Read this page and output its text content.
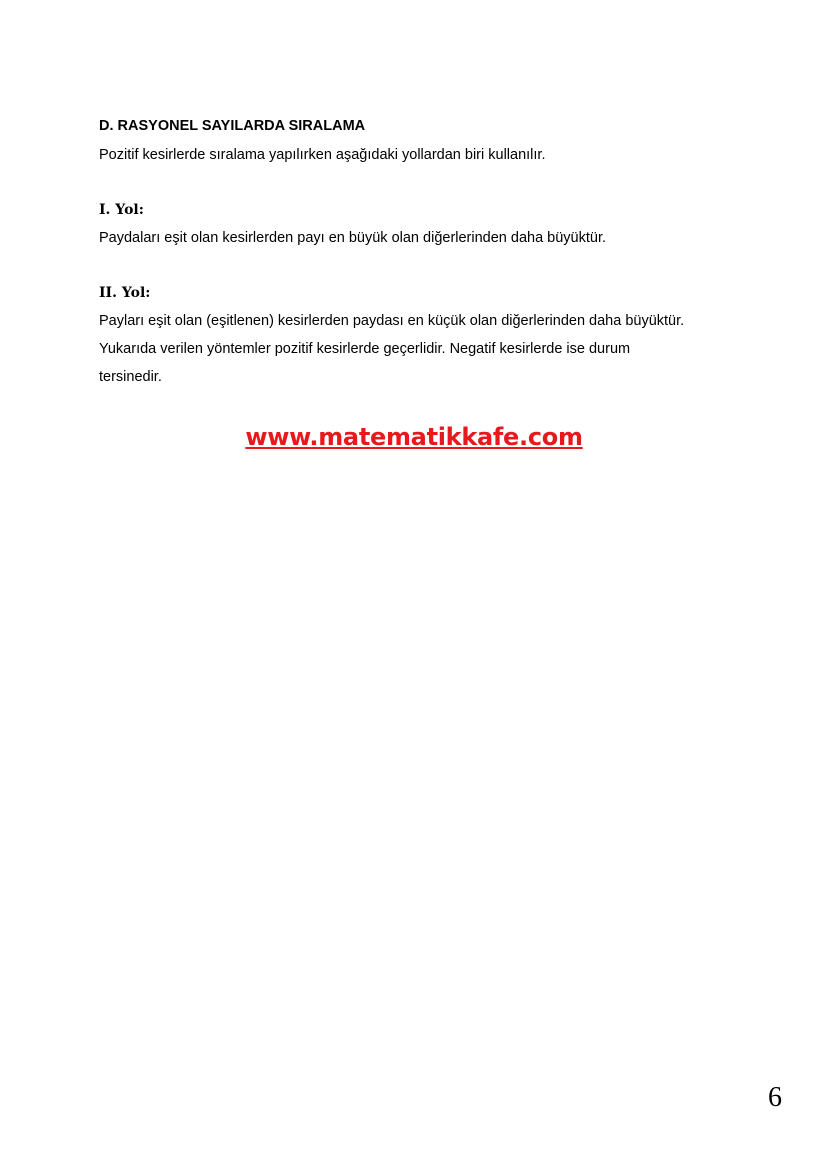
D. RASYONEL SAYILARDA SIRALAMA
Pozitif kesirlerde sıralama yapılırken aşağıdaki yollardan biri kullanılır.
I. Yol:
Paydaları eşit olan kesirlerden payı en büyük olan diğerlerinden daha büyüktür.
II. Yol:
Payları eşit olan (eşitlenen) kesirlerden paydası en küçük olan diğerlerinden daha büyüktür.
Yukarıda verilen yöntemler pozitif kesirlerde geçerlidir. Negatif kesirlerde ise durum
tersinedir.
www.matematikkafe.com
6
